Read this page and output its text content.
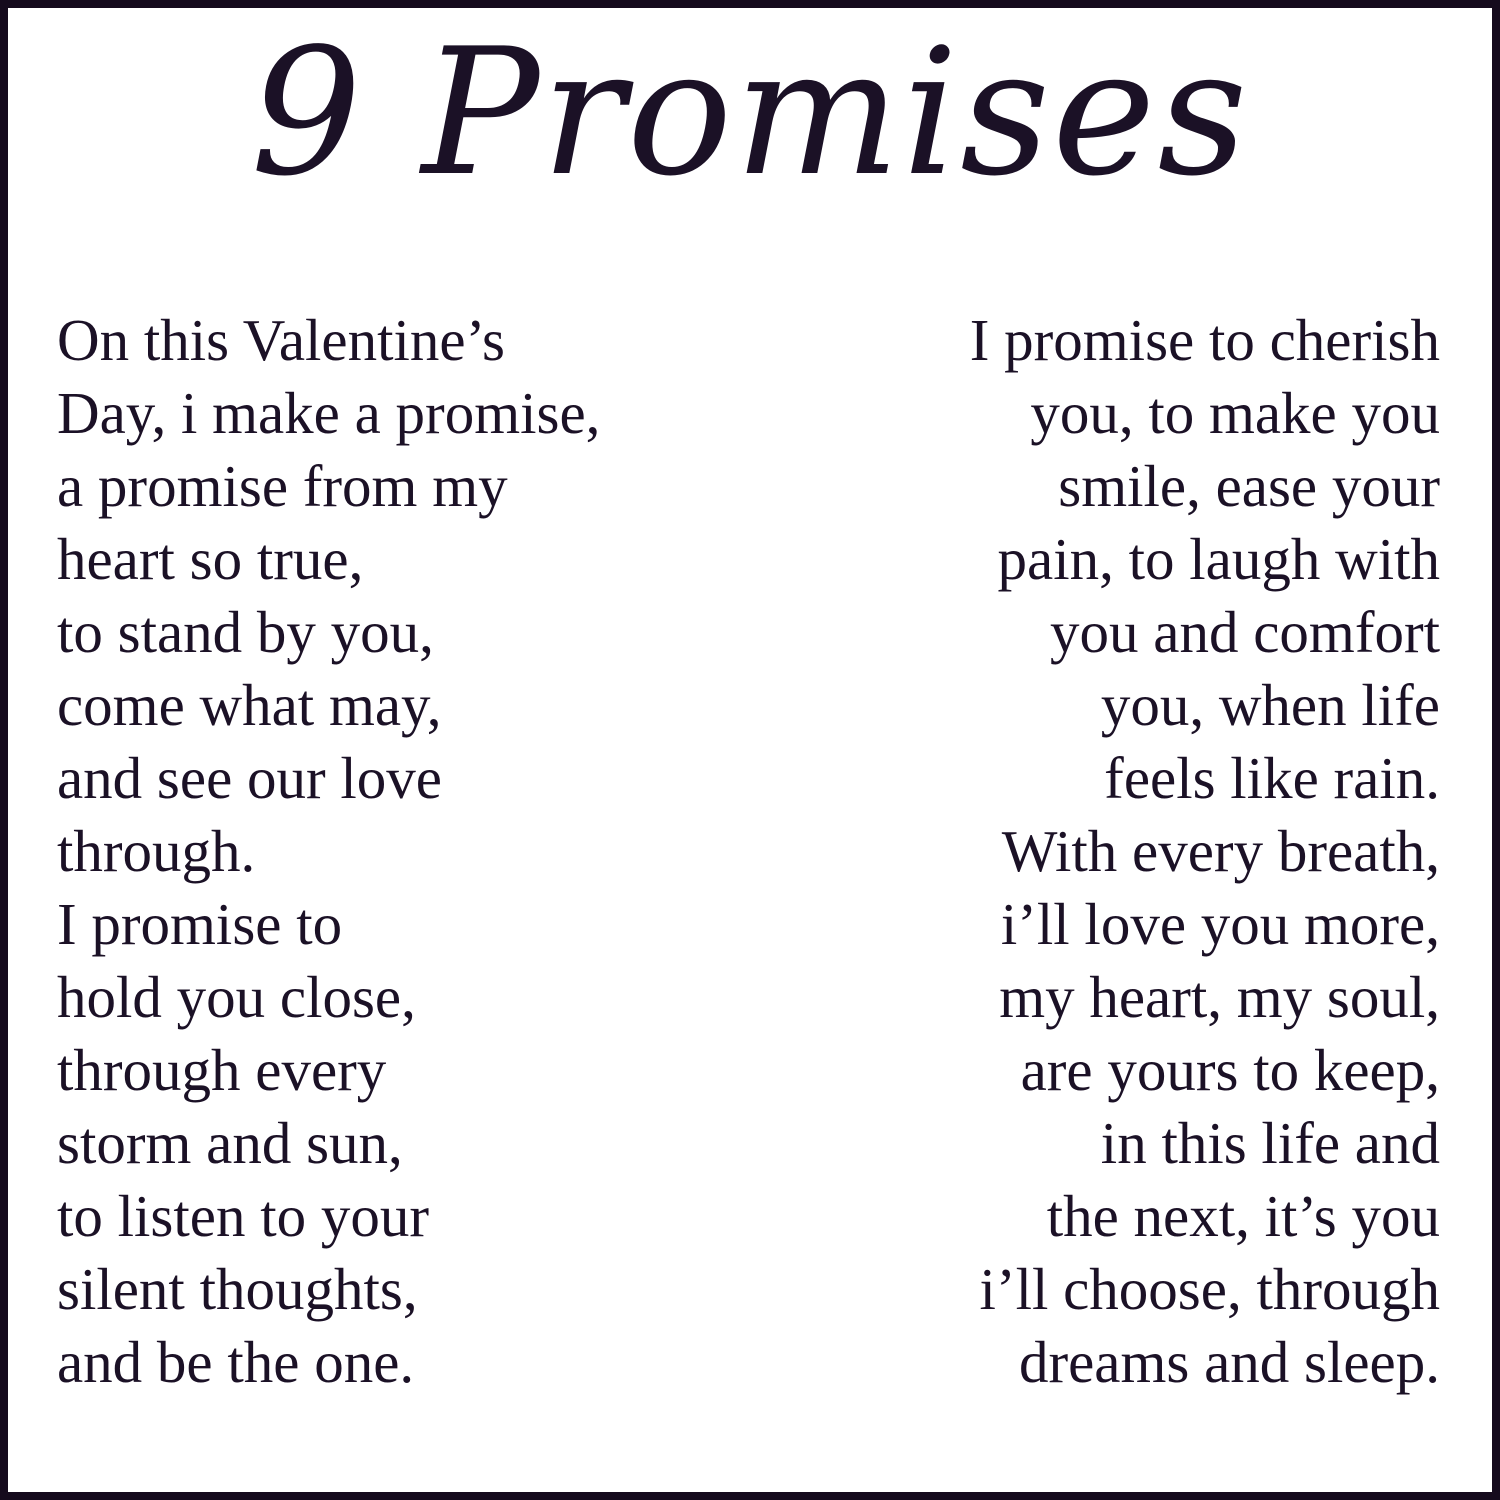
9 Promises
On this Valentine’s
Day, i make a promise,
a promise from my
heart so true,
to stand by you,
come what may,
and see our love
through.
I promise to
hold you close,
through every
storm and sun,
to listen to your
silent thoughts,
and be the one.
I promise to cherish
you, to make you
smile, ease your
pain, to laugh with
you and comfort
you, when life
feels like rain.
With every breath,
i’ll love you more,
my heart, my soul,
are yours to keep,
in this life and
the next, it’s you
i’ll choose, through
dreams and sleep.
